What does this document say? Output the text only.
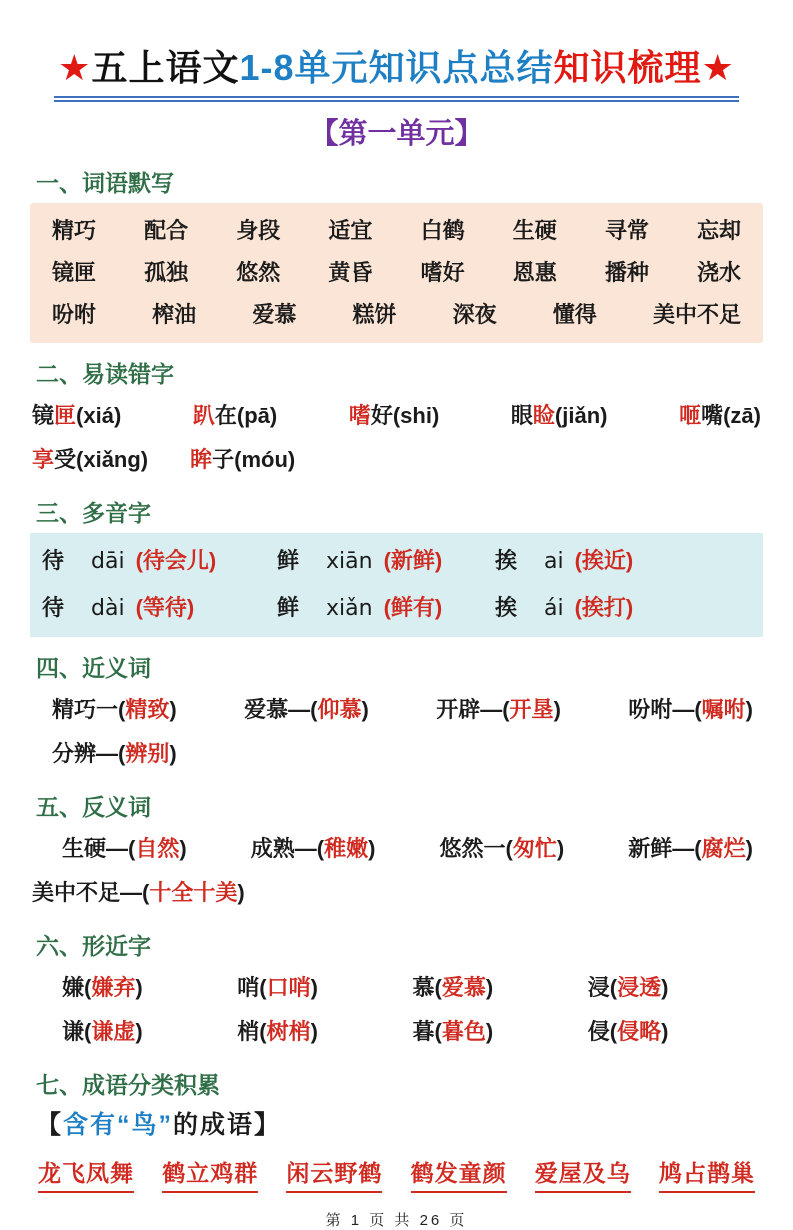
★五上语文1-8单元知识点总结知识梳理★
【第一单元】
一、词语默写
精巧 配合 身段 适宜 白鹤 生硬 寻常 忘却
镜匣 孤独 悠然 黄昏 嗜好 恩惠 播种 浇水
吩咐	榨油	爱慕	糕饼	深夜	懂得	美中不足
二、易读错字
镜匣(xiá)	趴在(pā)	嗜好(shi)	眼睑(jiǎn)	咂嘴(zā)
享受(xiǎng) 眸子(móu)
三、多音字
待 dāi (待会儿)	鲜 xiān (新鲜)	挨 ai (挨近)
待 dài (等待)	鲜 xiǎn (鲜有)	挨 ái (挨打)
四、近义词
精巧一(精致)	爱慕—(仰慕)	开辟—(开垦)	吩咐—(嘱咐)
分辨—(辨别)
五、反义词
生硬—(自然)	成熟—(稚嫩)	悠然一(匆忙)	新鲜—(腐烂)
美中不足—(十全十美)
六、形近字
嫌(嫌弃)	哨(口哨)	慕(爱慕)	浸(浸透)
谦(谦虚)	梢(树梢)	暮(暮色)	侵(侵略)
七、成语分类积累
【含有“鸟”的成语】
龙飞凤舞 鹤立鸡群 闲云野鹤 鹤发童颜 爱屋及乌 鸠占鹊巢
第 1 页 共 26 页
